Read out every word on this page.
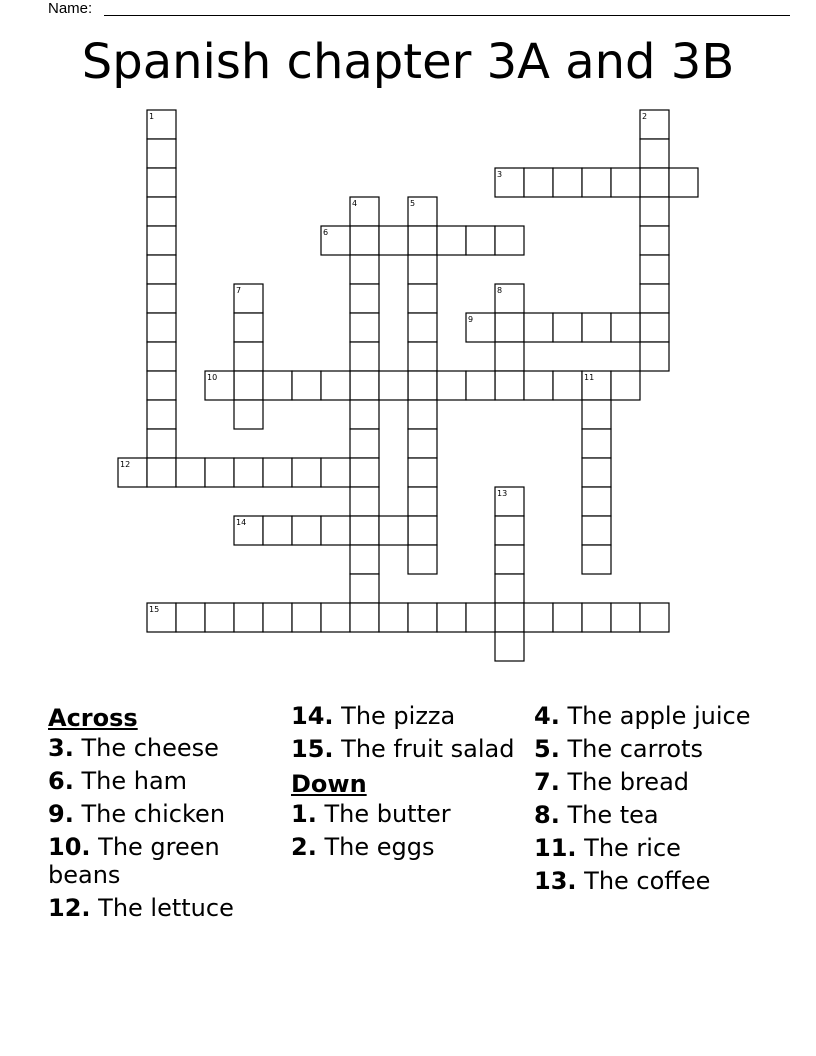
Name:
Spanish chapter 3A and 3B
1	2
3
4	5
6
7	8
9
10	11
12
13
14
15
Across
3. The cheese
6. The ham
9. The chicken
10. The green beans
12. The lettuce
14. The pizza
15. The fruit salad
Down
1. The butter
2. The eggs
4. The apple juice
5. The carrots
7. The bread
8. The tea
11. The rice
13. The coffee
